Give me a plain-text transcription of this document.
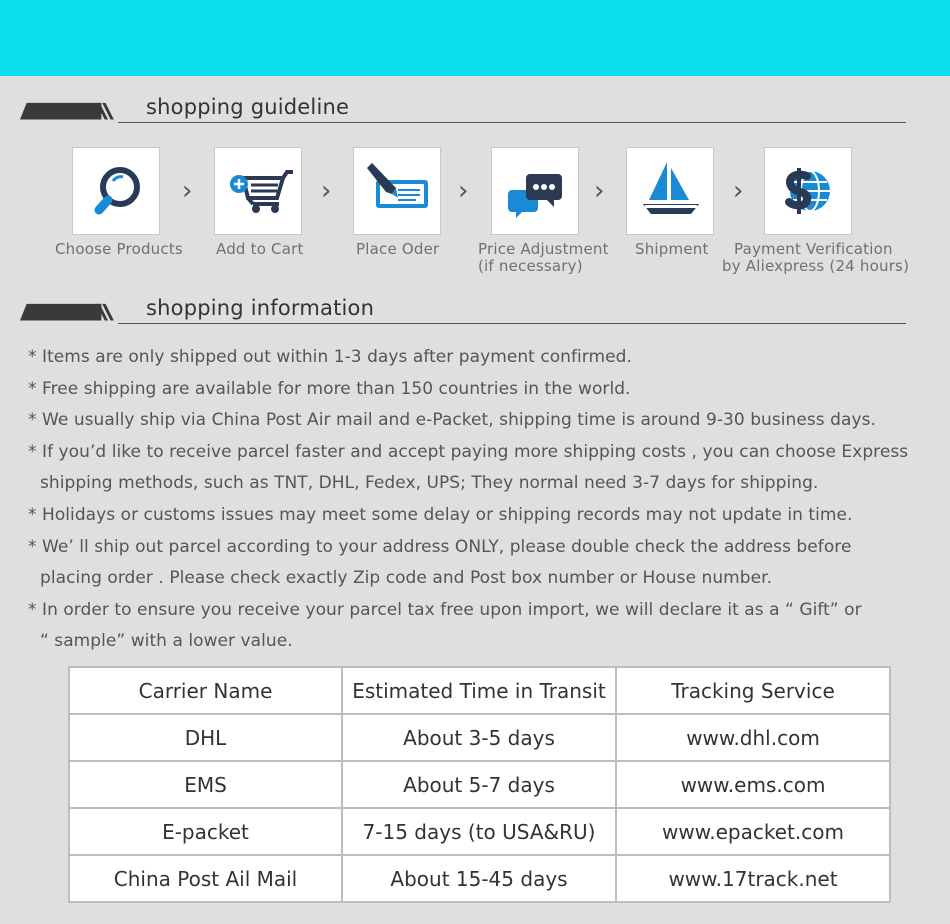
shopping guideline
›	›	›	›	›
Choose Products Add to Cart	Place Oder	Price Adjustment
(if necessary)
Shipment Payment Verification
by Aliexpress (24 hours)
shopping information
* Items are only shipped out within 1-3 days after payment confirmed.
* Free shipping are available for more than 150 countries in the world.
* We usually ship via China Post Air mail and e-Packet, shipping time is around 9-30 business days.
* If you’d like to receive parcel faster and accept paying more shipping costs , you can choose Express
shipping methods, such as TNT, DHL, Fedex, UPS; They normal need 3-7 days for shipping.
* Holidays or customs issues may meet some delay or shipping records may not update in time.
* We’ ll ship out parcel according to your address ONLY, please double check the address before
placing order . Please check exactly Zip code and Post box number or House number.
* In order to ensure you receive your parcel tax free upon import, we will declare it as a “ Gift” or
“ sample” with a lower value.
Carrier Name	Estimated Time in Transit	Tracking Service
DHL	About 3-5 days	www.dhl.com
EMS	About 5-7 days	www.ems.com
E-packet	7-15 days (to USA&RU)	www.epacket.com
China Post Ail Mail	About 15-45 days	www.17track.net
